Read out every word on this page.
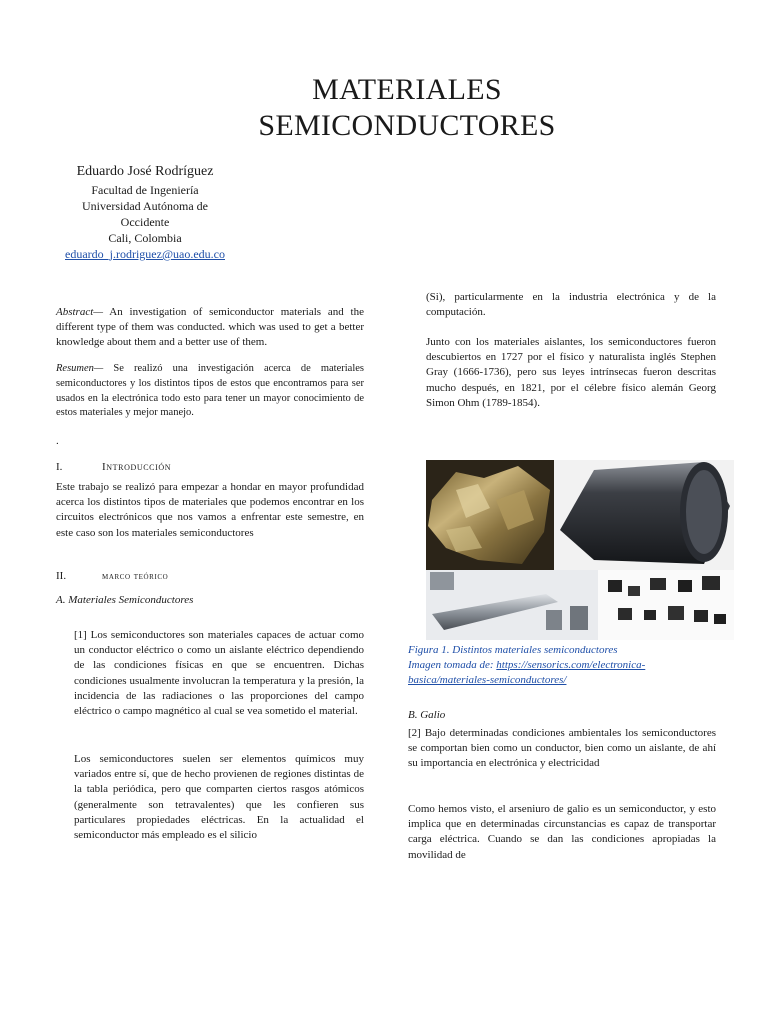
MATERIALES
SEMICONDUCTORES
Eduardo José Rodríguez
Facultad de Ingeniería
Universidad Autónoma de
Occidente
Cali, Colombia
eduardo_j.rodriguez@uao.edu.co
Abstract— An investigation of semiconductor materials and the different type of them was conducted. which was used to get a better knowledge about them and a better use of them.
Resumen— Se realizó una investigación acerca de materiales semiconductores y los distintos tipos de estos que encontramos para ser usados en la electrónica todo esto para tener un mayor conocimiento de estos materiales y mejor manejo.
.
I.	Introducción
Este trabajo se realizó para empezar a hondar en mayor profundidad acerca los distintos tipos de materiales que podemos encontrar en los circuitos electrónicos que nos vamos a enfrentar este semestre, en este caso son los materiales semiconductores
II.	marco teórico
A. Materiales Semiconductores
[1] Los semiconductores son materiales capaces de actuar como un conductor eléctrico o como un aislante eléctrico dependiendo de las condiciones físicas en que se encuentren. Dichas condiciones usualmente involucran la temperatura y la presión, la incidencia de las radiaciones o las proporciones del campo eléctrico o campo magnético al cual se vea sometido el material.
Los semiconductores suelen ser elementos químicos muy variados entre sí, que de hecho provienen de regiones distintas de la tabla periódica, pero que comparten ciertos rasgos atómicos (generalmente son tetravalentes) que les confieren sus particulares propiedades eléctricas. En la actualidad el semiconductor más empleado es el silicio
(Si), particularmente en la industria electrónica y de la computación.
Junto con los materiales aislantes, los semiconductores fueron descubiertos en 1727 por el físico y naturalista inglés Stephen Gray (1666-1736), pero sus leyes intrínsecas fueron descritas mucho después, en 1821, por el célebre físico alemán Georg Simon Ohm (1789-1854).
Figura 1. Distintos materiales semiconductores
Imagen tomada de: https://sensorics.com/electronica-basica/materiales-semiconductores/
B. Galio
[2] Bajo determinadas condiciones ambientales los semiconductores se comportan bien como un conductor, bien como un aislante, de ahí su importancia en electrónica y electricidad
Como hemos visto, el arseniuro de galio es un semiconductor, y esto implica que en determinadas circunstancias es capaz de transportar carga eléctrica. Cuando se dan las condiciones apropiadas la movilidad de
